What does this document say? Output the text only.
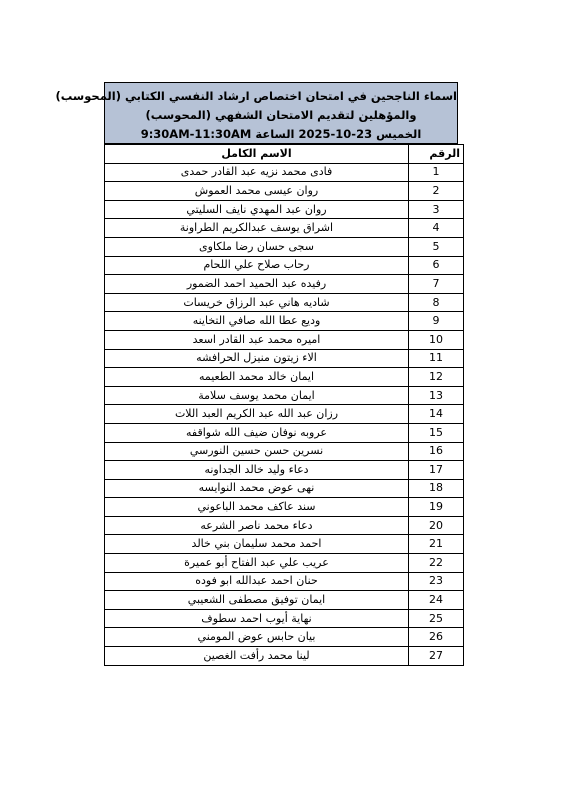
اسماء الناجحين في امتحان اختصاص ارشاد النفسي الكتابي (المحوسب)
والمؤهلين لتقديم الامتحان الشفهي (المحوسب)
الخميس 2025-10-23 الساعة 9:30AM-11:30AM
الرقم	الاسم الكامل
1	فادى محمد نزيه عبد القادر حمدى
2	روان عيسى محمد العموش
3	روان عبد المهدي نايف السليتي
4	اشراق يوسف عبدالكريم الطراونة
5	سجى حسان رضا ملكاوى
6	رحاب صلاح علي اللحام
7	رفيده عبد الحميد احمد الضمور
8	شاديه هاني عبد الرزاق خريسات
9	وديع عطا الله صافي التخاينه
10	اميره محمد عبد القادر اسعد
11	الاء زيتون منيزل الحرافشه
12	ايمان خالد محمد الطعيمه
13	ايمان محمد يوسف سلامة
14	رزان عبد الله عبد الكريم العبد اللات
15	عروبه نوفان ضيف الله شواقفه
16	نسرين حسن حسين النورسي
17	دعاء وليد خالد الجداونه
18	نهى عوض محمد النوايسه
19	سند عاكف محمد الباعوني
20	دعاء محمد ناصر الشرعه
21	احمد محمد سليمان بني خالد
22	عريب علي عبد الفتاح أبو عميرة
23	حنان احمد عبدالله ابو فوده
24	ايمان توفيق مصطفى الشعيبي
25	نهاية أيوب احمد سطوف
26	بيان حابس عوض المومني
27	لينا محمد رأفت الغصين
